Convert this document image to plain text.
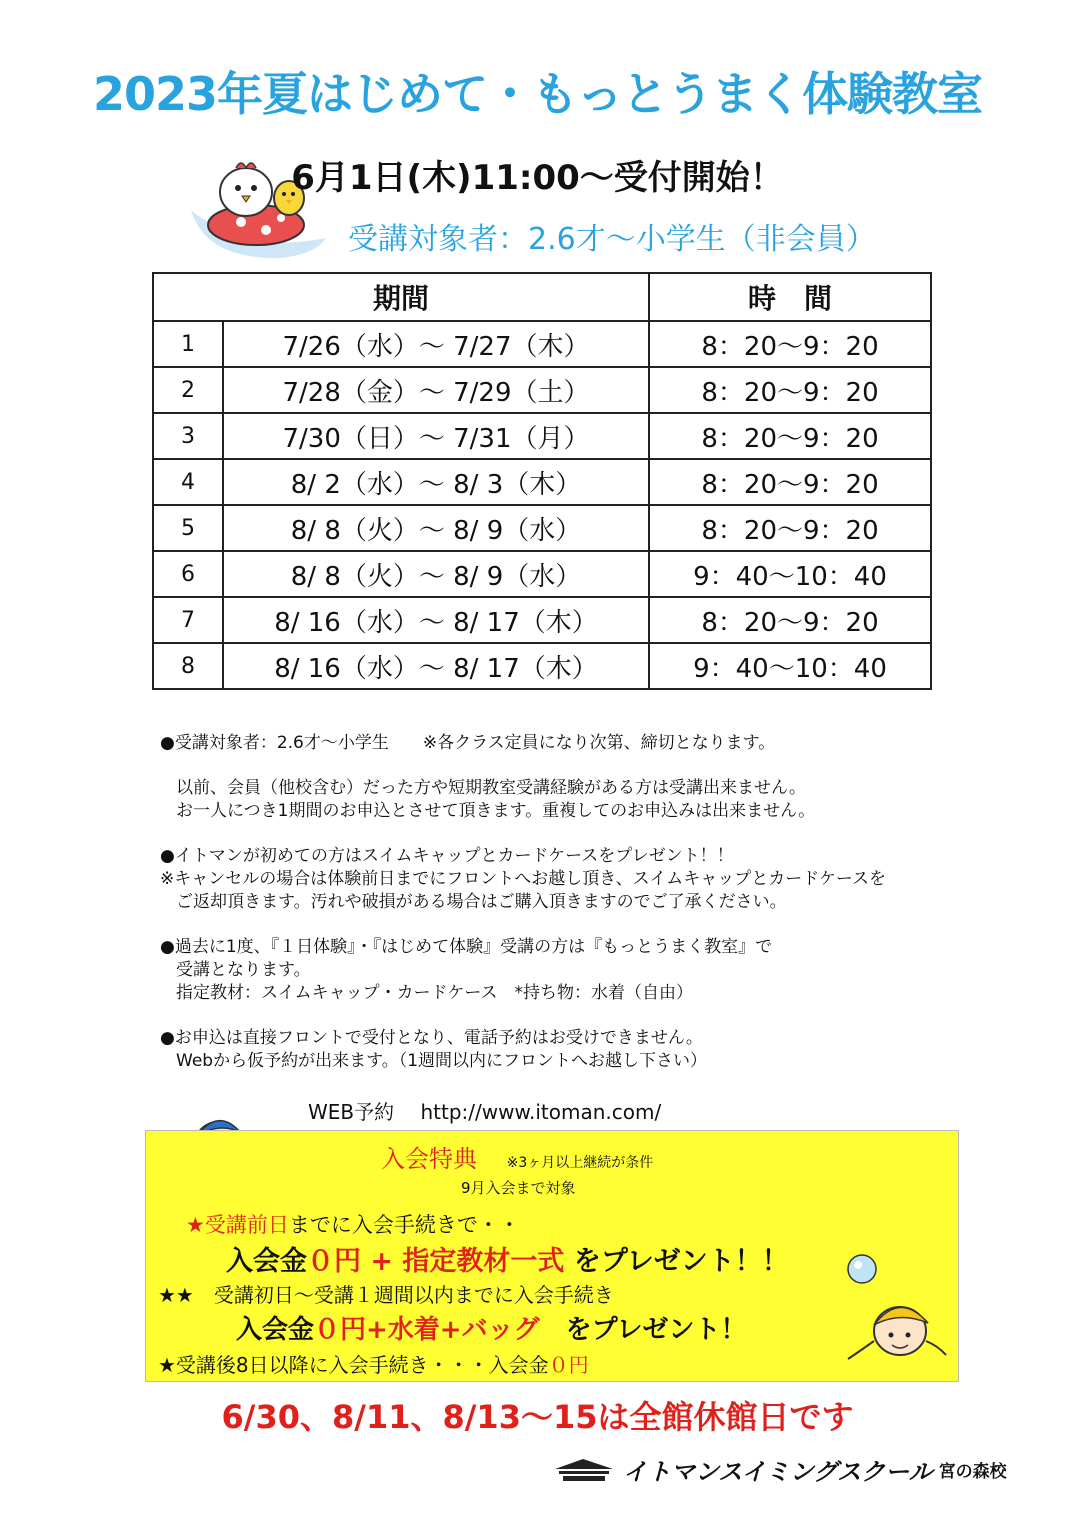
2023年夏はじめて・もっとうまく体験教室
6月1日(木)11:00～受付開始！
受講対象者：2.6才～小学生（非会員）
期間		時　間
1	7/26（水）～ 7/27（木）	8：20～9：20
2	7/28（金）～ 7/29（土）	8：20～9：20
3	7/30（日）～ 7/31（月）	8：20～9：20
4	8/ 2（水）～ 8/ 3（木）	8：20～9：20
5	8/ 8（火）～ 8/ 9（水）	8：20～9：20
6	8/ 8（火）～ 8/ 9（水）	9：40～10：40
7	8/ 16（水）～ 8/ 17（木）	8：20～9：20
8	8/ 16（水）～ 8/ 17（木）	9：40～10：40

●受講対象者：2.6才～小学生　　※各クラス定員になり次第、締切となります。

以前、会員（他校含む）だった方や短期教室受講経験がある方は受講出来ません。

お一人につき1期間のお申込とさせて頂きます。重複してのお申込みは出来ません。

●イトマンが初めての方はスイムキャップとカードケースをプレゼント！！

※キャンセルの場合は体験前日までにフロントへお越し頂き、スイムキャップとカードケースを

ご返却頂きます。汚れや破損がある場合はご購入頂きますのでご了承ください。

●過去に1度、『１日体験』・『はじめて体験』受講の方は『もっとうまく教室』で

受講となります。

指定教材：スイムキャップ・カードケース　*持ち物：水着（自由）

●お申込は直接フロントで受付となり、電話予約はお受けできません。

Webから仮予約が出来ます。（1週間以内にフロントへお越し下さい）

WEB予約 http://www.itoman.com/
入会特典 ※3ヶ月以上継続が条件
9月入会まで対象
★受講前日までに入会手続きで・・
入会金０円 + 指定教材一式 をプレゼント！！
★★　受講初日～受講１週間以内までに入会手続き
入会金０円+水着+バッグ　をプレゼント！
★受講後8日以降に入会手続き・・・入会金０円
6/30、8/11、8/13～15は全館休館日です
イトマンスイミングスクール 宮の森校
